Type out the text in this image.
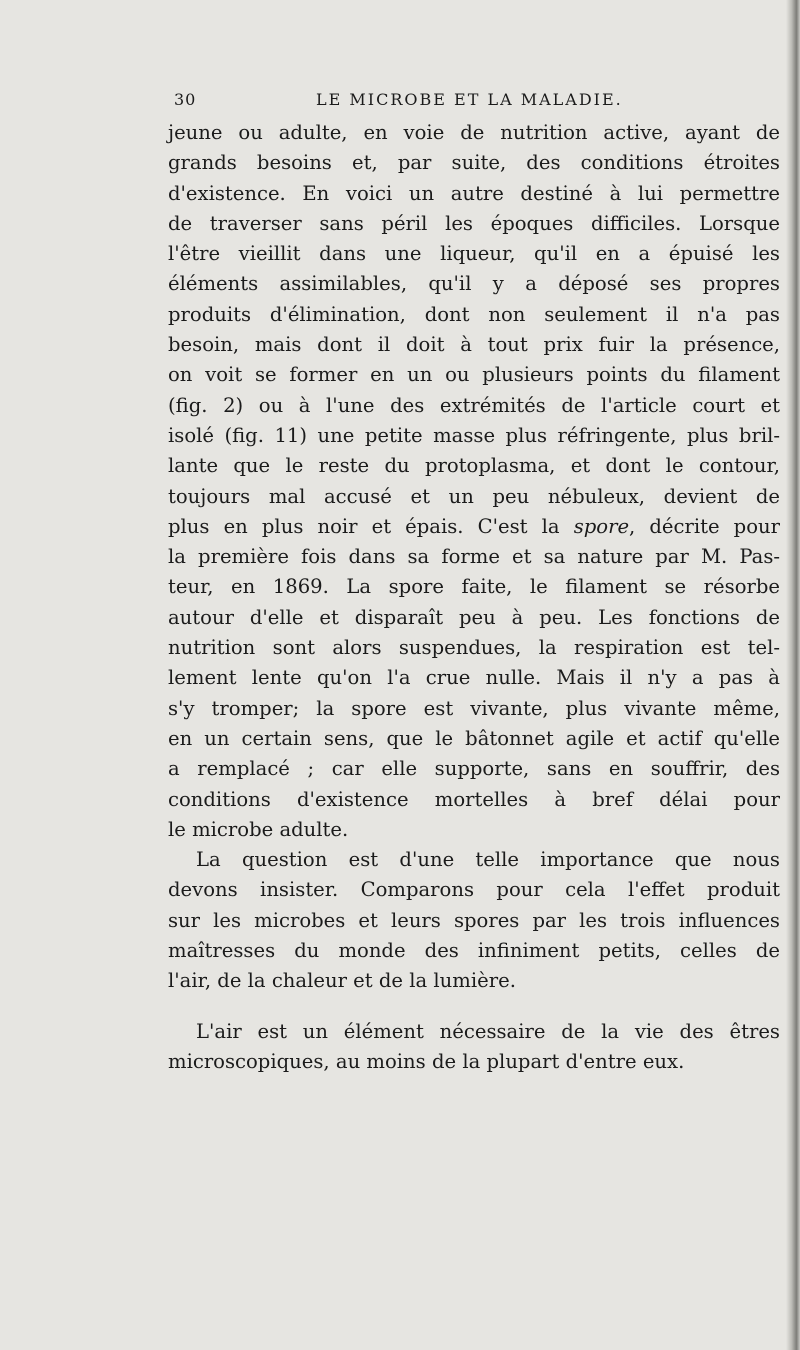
30	LE MICROBE ET LA MALADIE.
jeune ou adulte, en voie de nutrition active, ayant de
grands besoins et, par suite, des conditions étroites
d'existence. En voici un autre destiné à lui permettre
de traverser sans péril les époques difficiles. Lorsque
l'être vieillit dans une liqueur, qu'il en a épuisé les
éléments assimilables, qu'il y a déposé ses propres
produits d'élimination, dont non seulement il n'a pas
besoin, mais dont il doit à tout prix fuir la présence,
on voit se former en un ou plusieurs points du filament
(fig. 2) ou à l'une des extrémités de l'article court et
isolé (fig. 11) une petite masse plus réfringente, plus bril-
lante que le reste du protoplasma, et dont le contour,
toujours mal accusé et un peu nébuleux, devient de
plus en plus noir et épais. C'est la spore, décrite pour
la première fois dans sa forme et sa nature par M. Pas-
teur, en 1869. La spore faite, le filament se résorbe
autour d'elle et disparaît peu à peu. Les fonctions de
nutrition sont alors suspendues, la respiration est tel-
lement lente qu'on l'a crue nulle. Mais il n'y a pas à
s'y tromper; la spore est vivante, plus vivante même,
en un certain sens, que le bâtonnet agile et actif qu'elle
a remplacé ; car elle supporte, sans en souffrir, des
conditions d'existence mortelles à bref délai pour
le microbe adulte.
La question est d'une telle importance que nous
devons insister. Comparons pour cela l'effet produit
sur les microbes et leurs spores par les trois influences
maîtresses du monde des infiniment petits, celles de
l'air, de la chaleur et de la lumière.
L'air est un élément nécessaire de la vie des êtres
microscopiques, au moins de la plupart d'entre eux.
